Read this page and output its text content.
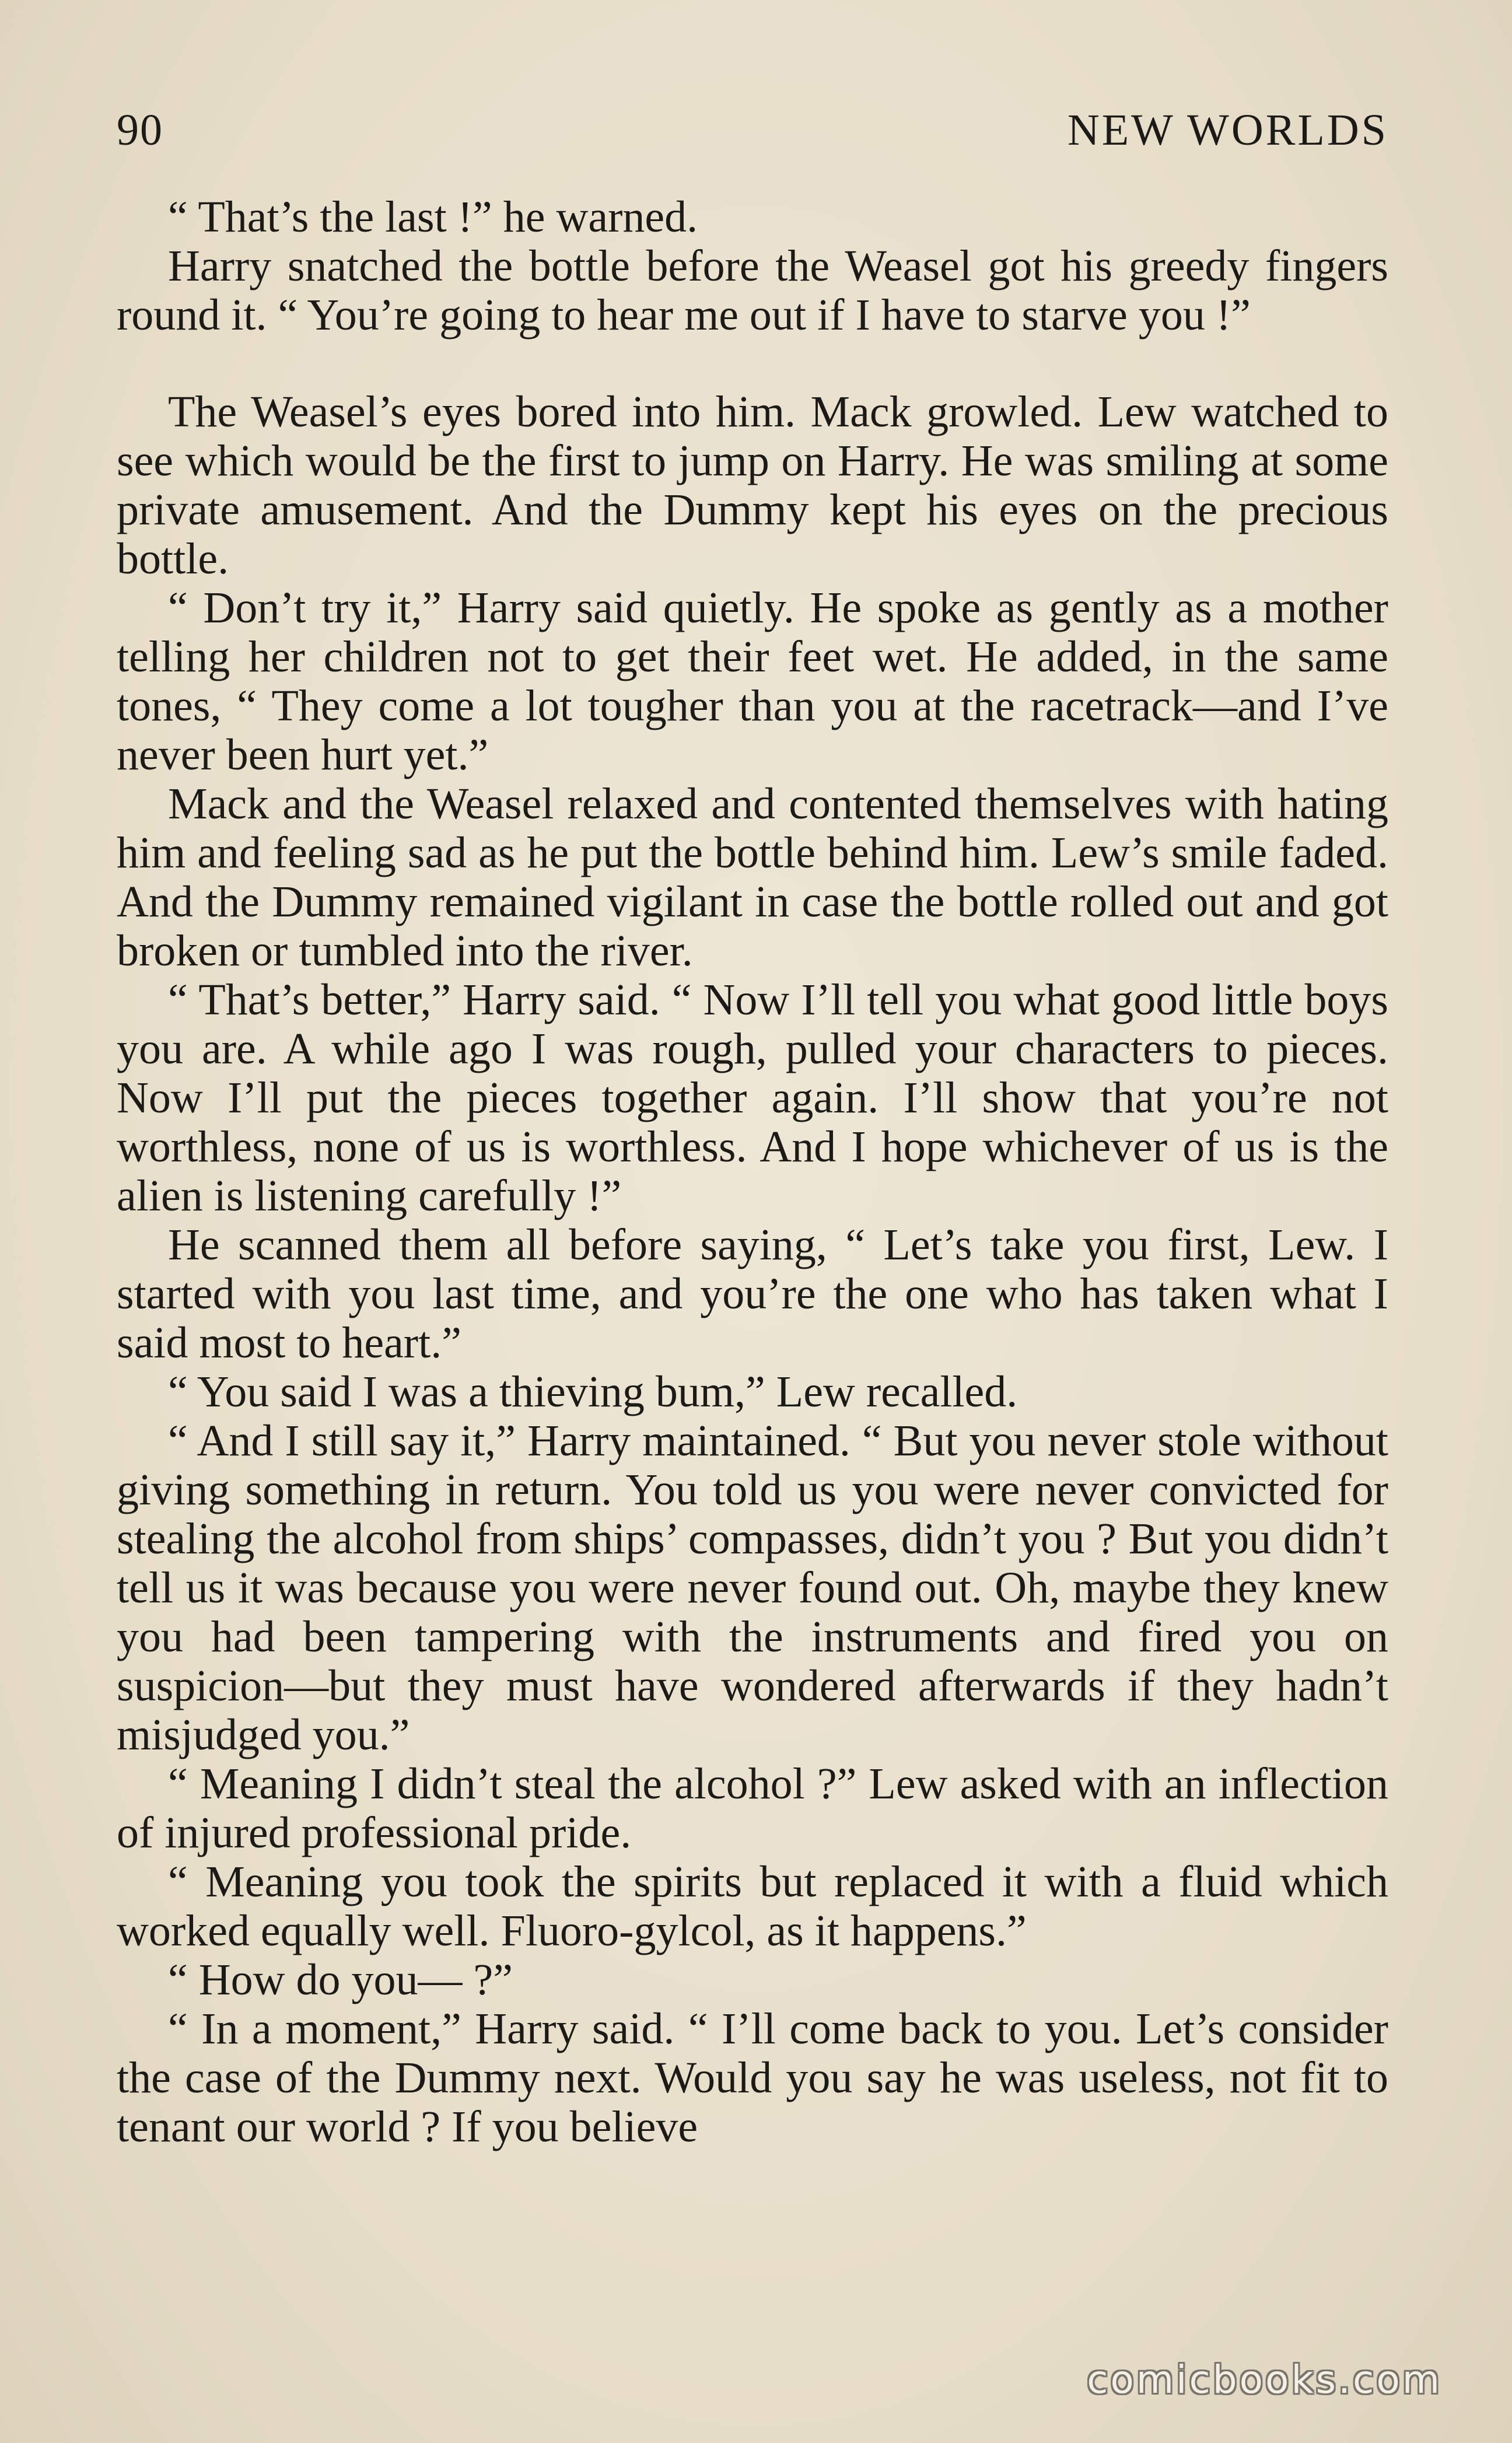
90	NEW WORLDS

“ That’s the last !” he warned.

Harry snatched the bottle before the Weasel got his greedy fingers round it. “ You’re going to hear me out if I have to starve you !”

The Weasel’s eyes bored into him. Mack growled. Lew watched to see which would be the first to jump on Harry. He was smiling at some private amusement. And the Dummy kept his eyes on the precious bottle.

“ Don’t try it,” Harry said quietly. He spoke as gently as a mother telling her children not to get their feet wet. He added, in the same tones, “ They come a lot tougher than you at the racetrack—and I’ve never been hurt yet.”

Mack and the Weasel relaxed and contented themselves with hating him and feeling sad as he put the bottle behind him. Lew’s smile faded. And the Dummy remained vigilant in case the bottle rolled out and got broken or tumbled into the river.

“ That’s better,” Harry said. “ Now I’ll tell you what good little boys you are. A while ago I was rough, pulled your characters to pieces. Now I’ll put the pieces together again. I’ll show that you’re not worthless, none of us is worthless. And I hope whichever of us is the alien is listening carefully !”

He scanned them all before saying, “ Let’s take you first, Lew. I started with you last time, and you’re the one who has taken what I said most to heart.”

“ You said I was a thieving bum,” Lew recalled.

“ And I still say it,” Harry maintained. “ But you never stole without giving something in return. You told us you were never convicted for stealing the alcohol from ships’ compasses, didn’t you ? But you didn’t tell us it was because you were never found out. Oh, maybe they knew you had been tampering with the instruments and fired you on suspicion—but they must have wondered afterwards if they hadn’t misjudged you.”

“ Meaning I didn’t steal the alcohol ?” Lew asked with an inflection of injured professional pride.

“ Meaning you took the spirits but replaced it with a fluid which worked equally well. Fluoro-gylcol, as it happens.”

“ How do you— ?”

“ In a moment,” Harry said. “ I’ll come back to you. Let’s consider the case of the Dummy next. Would you say he was useless, not fit to tenant our world ? If you believe

comicbooks.com
